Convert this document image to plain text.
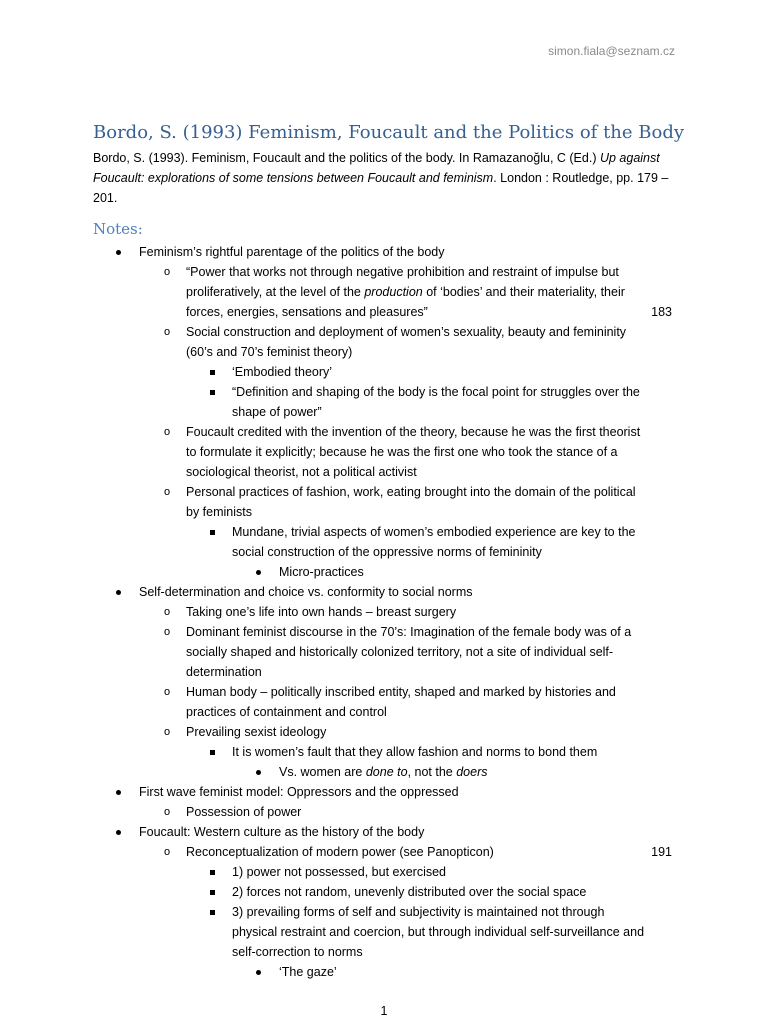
simon.fiala@seznam.cz
Bordo, S. (1993) Feminism, Foucault and the Politics of the Body
Bordo, S. (1993). Feminism, Foucault and the politics of the body. In Ramazanoğlu, C (Ed.) Up against Foucault: explorations of some tensions between Foucault and feminism. London : Routledge, pp. 179 – 201.
Notes:
Feminism’s rightful parentage of the politics of the body
o “Power that works not through negative prohibition and restraint of impulse but
proliferatively, at the level of the production of ‘bodies’ and their materiality, their
forces, energies, sensations and pleasures”	183
o Social construction and deployment of women’s sexuality, beauty and femininity
(60’s and 70’s feminist theory)
‘Embodied theory’
“Definition and shaping of the body is the focal point for struggles over the
shape of power”
o Foucault credited with the invention of the theory, because he was the first theorist
to formulate it explicitly; because he was the first one who took the stance of a
sociological theorist, not a political activist
o Personal practices of fashion, work, eating brought into the domain of the political
by feminists
Mundane, trivial aspects of women’s embodied experience are key to the
social construction of the oppressive norms of femininity
Micro-practices
Self-determination and choice vs. conformity to social norms
o Taking one’s life into own hands – breast surgery
o Dominant feminist discourse in the 70’s: Imagination of the female body was of a
socially shaped and historically colonized territory, not a site of individual self-
determination
o Human body – politically inscribed entity, shaped and marked by histories and
practices of containment and control
o Prevailing sexist ideology
It is women’s fault that they allow fashion and norms to bond them
Vs. women are done to, not the doers
First wave feminist model: Oppressors and the oppressed
o Possession of power
Foucault: Western culture as the history of the body
o Reconceptualization of modern power (see Panopticon)	191
1) power not possessed, but exercised
2) forces not random, unevenly distributed over the social space
3) prevailing forms of self and subjectivity is maintained not through
physical restraint and coercion, but through individual self-surveillance and
self-correction to norms
‘The gaze’
1
